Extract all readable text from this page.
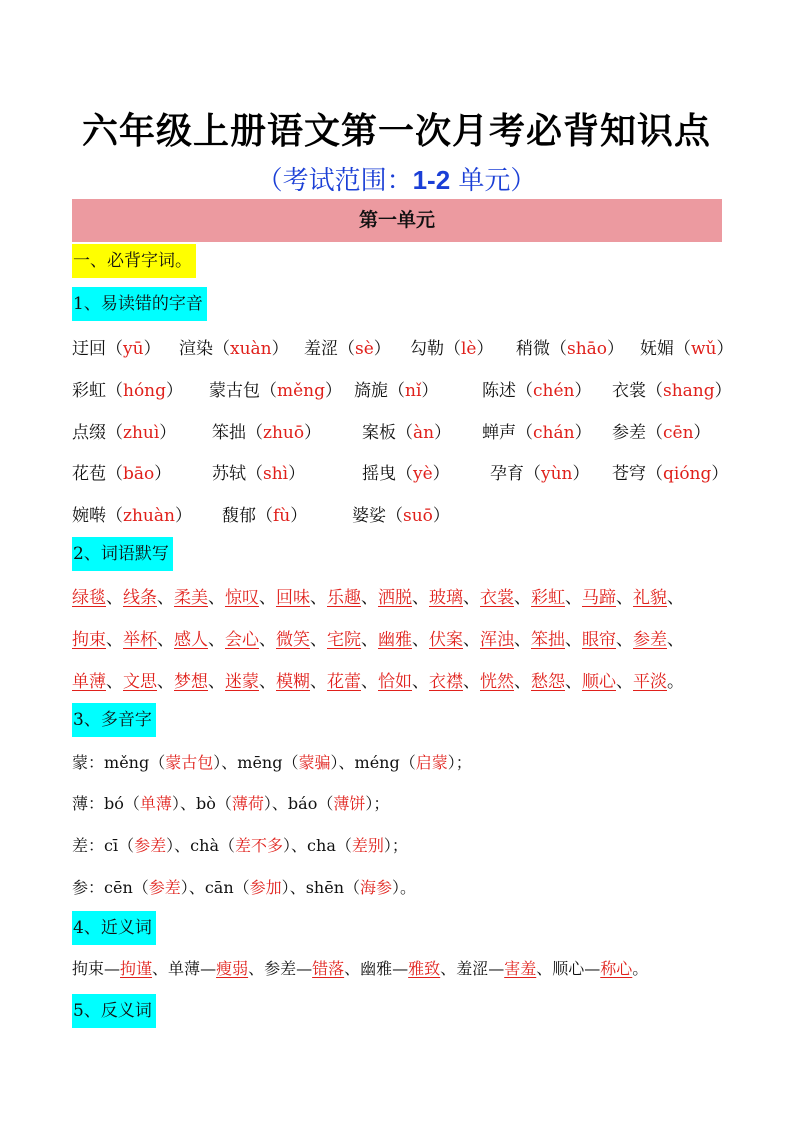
六年级上册语文第一次月考必背知识点
（考试范围：1-2 单元）
第一单元
一、必背字词。
1、易读错的字音
迂回（yū） 渲染（xuàn） 羞涩（sè） 勾勒（lè） 稍微（shāo） 妩媚（wǔ）
彩虹（hóng） 蒙古包（měng） 旖旎（nǐ）	陈述（chén） 衣裳（shang）
点缀（zhuì） 笨拙（zhuō） 案板（àn） 蝉声（chán） 参差（cēn）
花苞（bāo） 苏轼（shì）	摇曳（yè） 孕育（yùn） 苍穹（qióng）
婉啭（zhuàn） 馥郁（fù）	婆娑（suō）
2、词语默写
绿毯、线条、柔美、惊叹、回味、乐趣、洒脱、玻璃、衣裳、彩虹、马蹄、礼貌、
拘束、举杯、感人、会心、微笑、宅院、幽雅、伏案、浑浊、笨拙、眼帘、参差、
单薄、文思、梦想、迷蒙、模糊、花蕾、恰如、衣襟、恍然、愁怨、顺心、平淡。
3、多音字
蒙：měng（蒙古包）、mēng（蒙骗）、méng（启蒙）；
薄：bó（单薄）、bò（薄荷）、báo（薄饼）；
差：cī（参差）、chà（差不多）、cha（差别）；
参：cēn（参差）、cān（参加）、shēn（海参）。
4、近义词
拘束—拘谨、单薄—瘦弱、参差—错落、幽雅—雅致、羞涩—害羞、顺心—称心。
5、反义词
